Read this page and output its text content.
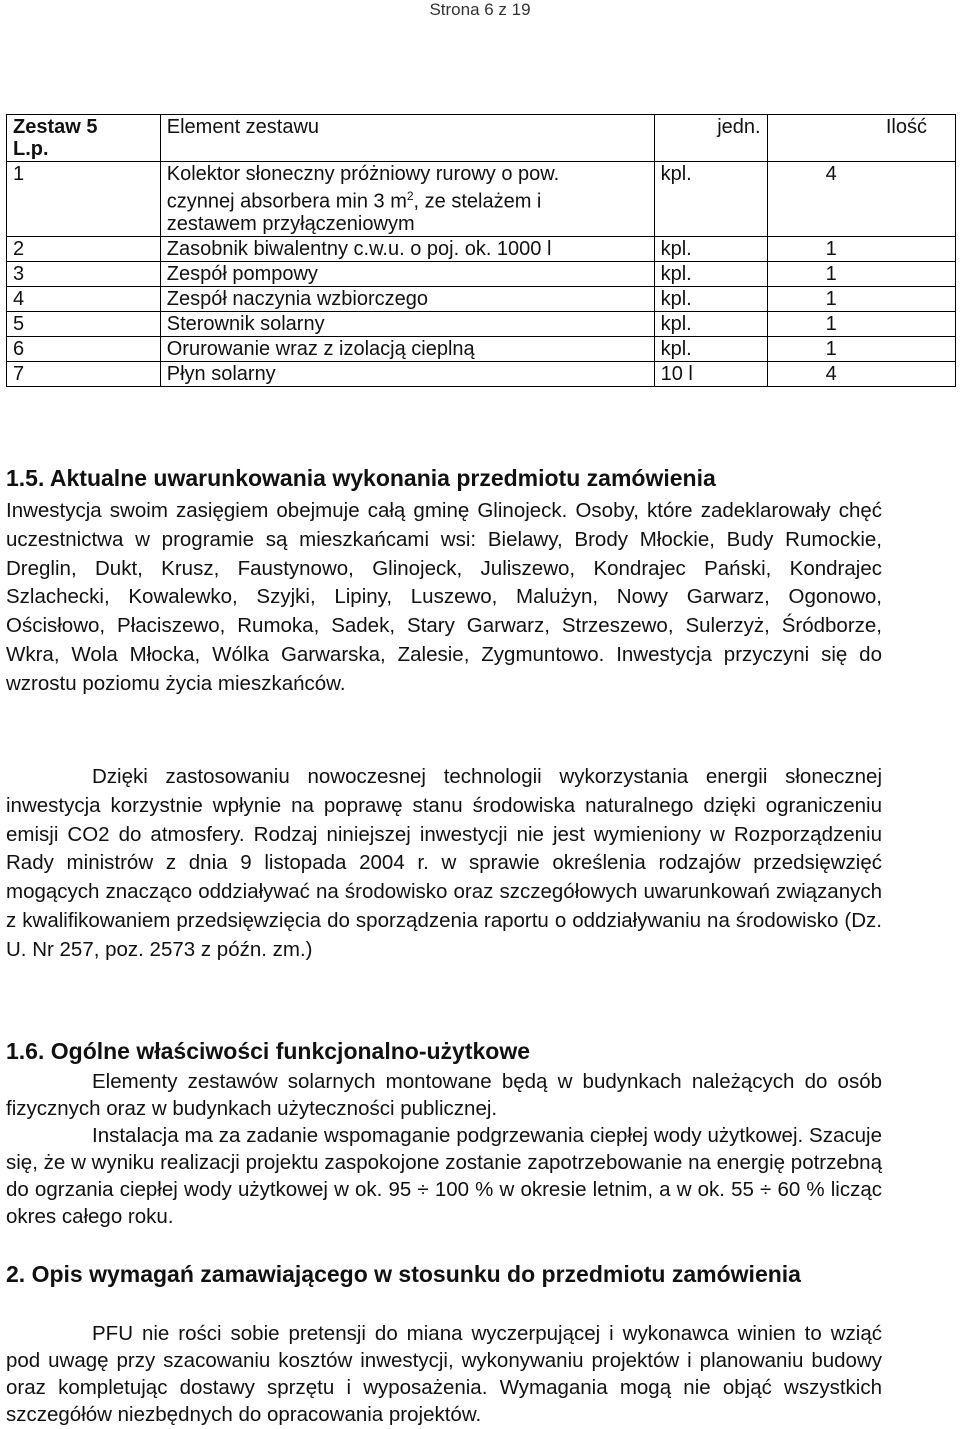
Strona 6 z 19
Zestaw 5
L.p.	Element zestawu	jedn.	Ilość
1	Kolektor słoneczny próżniowy rurowy o pow.
czynnej absorbera min 3 $m^2$, ze stelażem i
zestawem przyłączeniowym	kpl.	4
2	Zasobnik biwalentny c.w.u. o poj. ok. 1000 l	kpl.	1
3	Zespół pompowy	kpl.	1
4	Zespół naczynia wzbiorczego	kpl.	1
5	Sterownik solarny	kpl.	1
6	Orurowanie wraz z izolacją cieplną	kpl.	1
7	Płyn solarny	10 l	4
1.5. Aktualne uwarunkowania wykonania przedmiotu zamówienia
Inwestycja swoim zasięgiem obejmuje całą gminę Glinojeck. Osoby, które zadeklarowały chęć uczestnictwa w programie są mieszkańcami wsi: Bielawy, Brody Młockie, Budy Rumockie, Dreglin, Dukt, Krusz, Faustynowo, Glinojeck, Juliszewo, Kondrajec Pański, Kondrajec Szlachecki, Kowalewko, Szyjki, Lipiny, Luszewo, Malużyn, Nowy Garwarz, Ogonowo, Ościsłowo, Płaciszewo, Rumoka, Sadek, Stary Garwarz, Strzeszewo, Sulerzyż, Śródborze, Wkra, Wola Młocka, Wólka Garwarska, Zalesie, Zygmuntowo. Inwestycja przyczyni się do wzrostu poziomu życia mieszkańców.
Dzięki zastosowaniu nowoczesnej technologii wykorzystania energii słonecznej inwestycja korzystnie wpłynie na poprawę stanu środowiska naturalnego dzięki ograniczeniu emisji CO2 do atmosfery. Rodzaj niniejszej inwestycji nie jest wymieniony w Rozporządzeniu Rady ministrów z dnia 9 listopada 2004 r. w sprawie określenia rodzajów przedsięwzięć mogących znacząco oddziaływać na środowisko oraz szczegółowych uwarunkowań związanych z kwalifikowaniem przedsięwzięcia do sporządzenia raportu o oddziaływaniu na środowisko (Dz. U. Nr 257, poz. 2573 z późn. zm.)
1.6. Ogólne właściwości funkcjonalno-użytkowe
Elementy zestawów solarnych montowane będą w budynkach należących do osób fizycznych oraz w budynkach użyteczności publicznej.
Instalacja ma za zadanie wspomaganie podgrzewania ciepłej wody użytkowej. Szacuje się, że w wyniku realizacji projektu zaspokojone zostanie zapotrzebowanie na energię potrzebną do ogrzania ciepłej wody użytkowej w ok. 95 ÷ 100 % w okresie letnim, a w ok. 55 ÷ 60 % licząc okres całego roku.
2. Opis wymagań zamawiającego w stosunku do przedmiotu zamówienia
PFU nie rości sobie pretensji do miana wyczerpującej i wykonawca winien to wziąć pod uwagę przy szacowaniu kosztów inwestycji, wykonywaniu projektów i planowaniu budowy oraz kompletując dostawy sprzętu i wyposażenia. Wymagania mogą nie objąć wszystkich szczegółów niezbędnych do opracowania projektów.
